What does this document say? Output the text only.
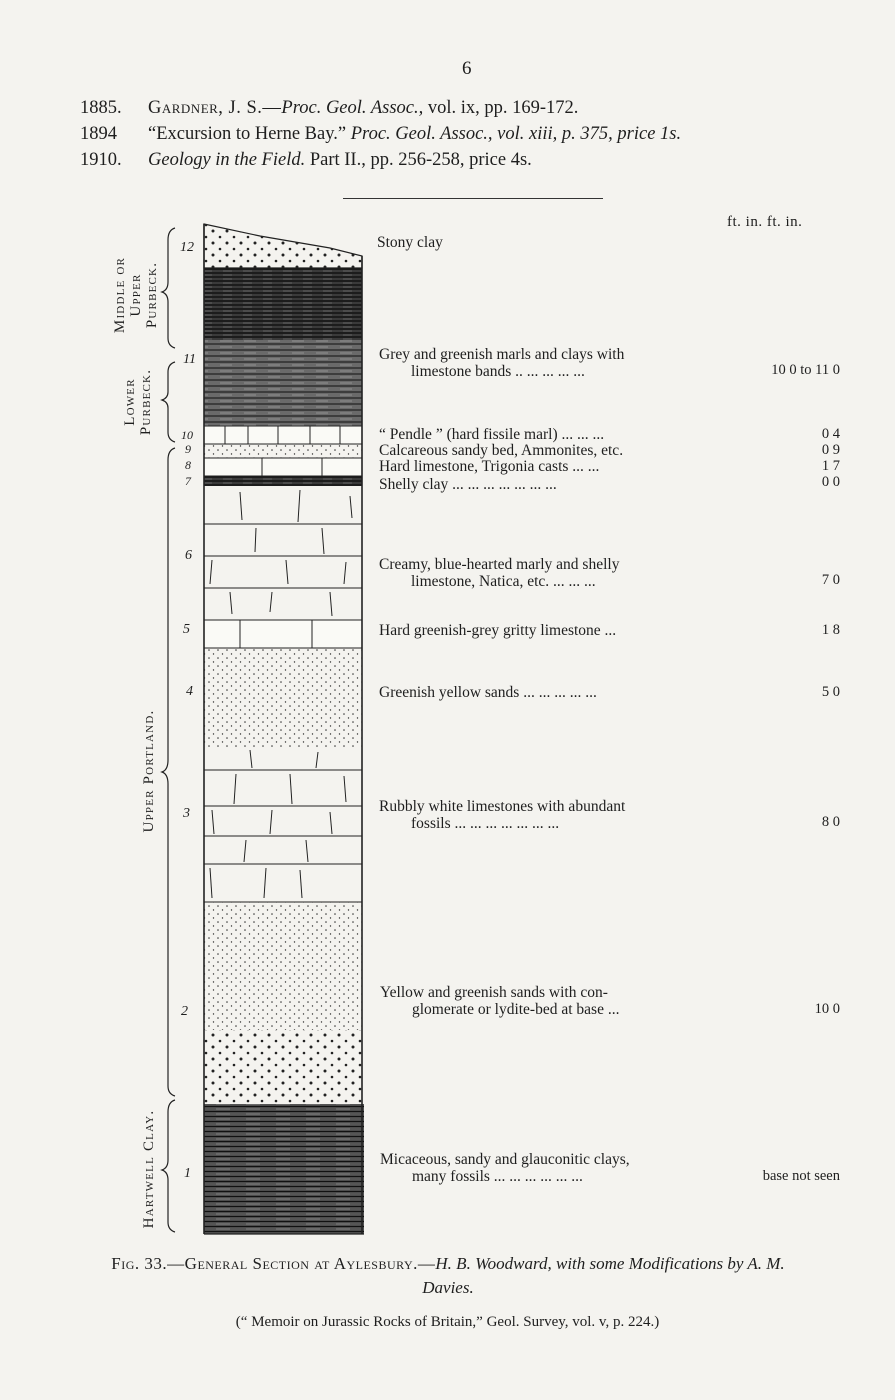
6
1885. Gardner, J. S.—Proc. Geol. Assoc., vol. ix, pp. 169-172.
1894 “Excursion to Herne Bay.” Proc. Geol. Assoc., vol. xiii, p. 375, price 1s.
1910. Geology in the Field. Part II., pp. 256-258, price 4s.
Middle or Upper Purbeck.
Lower Purbeck.
Upper Portland.
Hartwell Clay.
12
11
10
9
8
7
6
5
4
3
2
1
ft. in. ft. in.
Stony clay
Grey and greenish marls and clays with
limestone bands .. ... ... ... ...
“ Pendle ” (hard fissile marl) ... ... ...
Calcareous sandy bed, Ammonites, etc.
Hard limestone, Trigonia casts ... ...
Shelly clay ... ... ... ... ... ... ...
Creamy, blue-hearted marly and shelly
limestone, Natica, etc. ... ... ...
Hard greenish-grey gritty limestone ...
Greenish yellow sands ... ... ... ... ...
Rubbly white limestones with abundant
fossils ... ... ... ... ... ... ...
Yellow and greenish sands with con-
glomerate or lydite-bed at base ...
Micaceous, sandy and glauconitic clays,
many fossils ... ... ... ... ... ...
10 0 to 11 0
0 4
0 9
1 7
0 0
7 0
1 8
5 0
8 0
10 0
base not seen
Fig. 33.—General Section at Aylesbury.—H. B. Woodward, with some Modifications by A. M. Davies.
(“ Memoir on Jurassic Rocks of Britain,” Geol. Survey, vol. v, p. 224.)
